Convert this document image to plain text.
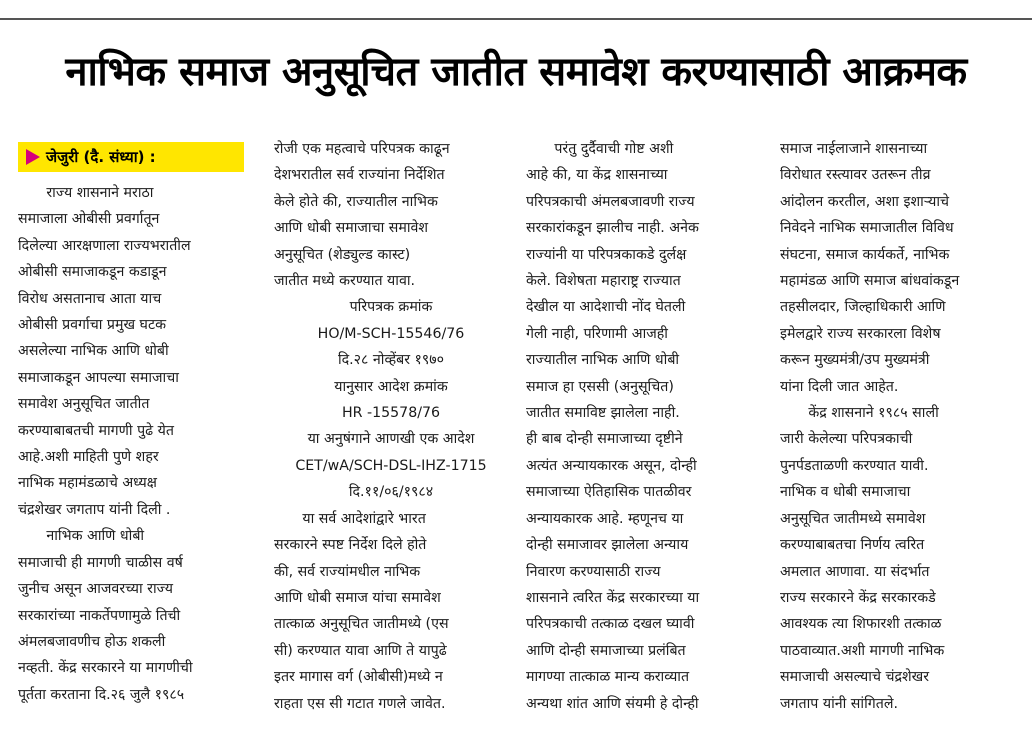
नाभिक समाज अनुसूचित जातीत समावेश करण्यासाठी आक्रमक
जेजुरी (दै. संध्या) :
  राज्य शासनाने मराठा
समाजाला ओबीसी प्रवर्गातून
दिलेल्या आरक्षणाला राज्यभरातील
ओबीसी समाजाकडून कडाडून
विरोध असतानाच आता याच
ओबीसी प्रवर्गाचा प्रमुख घटक
असलेल्या नाभिक आणि धोबी
समाजाकडून आपल्या समाजाचा
समावेश अनुसूचित जातीत
करण्याबाबतची मागणी पुढे येत
आहे.अशी माहिती पुणे शहर
नाभिक महामंडळाचे अध्यक्ष
चंद्रशेखर जगताप यांनी दिली .
  नाभिक आणि धोबी
समाजाची ही मागणी चाळीस वर्ष
जुनीच असून आजवरच्या राज्य
सरकारांच्या नाकर्तेपणामुळे तिची
अंमलबजावणीच होऊ शकली
नव्हती. केंद्र सरकारने या मागणीची
पूर्तता करताना दि.२६ जुलै १९८५
रोजी एक महत्वाचे परिपत्रक काढून
देशभरातील सर्व राज्यांना निर्देशित
केले होते की, राज्यातील नाभिक
आणि धोबी समाजाचा समावेश
अनुसूचित (शेड्युल्ड कास्ट)
जातीत मध्ये करण्यात यावा.
परिपत्रक क्रमांक
HO/M-SCH-15546/76
दि.२८ नोव्हेंबर १९७०
यानुसार आदेश क्रमांक
HR -15578/76
या अनुषंगाने आणखी एक आदेश
CET/wA/SCH-DSL-IHZ-1715
दि.११/०६/१९८४
  या सर्व आदेशांद्वारे भारत
सरकारने स्पष्ट निर्देश दिले होते
की, सर्व राज्यांमधील नाभिक
आणि धोबी समाज यांचा समावेश
तात्काळ अनुसूचित जातीमध्ये (एस
सी) करण्यात यावा आणि ते यापुढे
इतर मागास वर्ग (ओबीसी)मध्ये न
राहता एस सी गटात गणले जावेत.
  परंतु दुर्दैवाची गोष्ट अशी
आहे की, या केंद्र शासनाच्या
परिपत्रकाची अंमलबजावणी राज्य
सरकारांकडून झालीच नाही. अनेक
राज्यांनी या परिपत्रकाकडे दुर्लक्ष
केले. विशेषता महाराष्ट्र राज्यात
देखील या आदेशाची नोंद घेतली
गेली नाही, परिणामी आजही
राज्यातील नाभिक आणि धोबी
समाज हा एससी (अनुसूचित)
जातीत समाविष्ट झालेला नाही.
ही बाब दोन्ही समाजाच्या दृष्टीने
अत्यंत अन्यायकारक असून, दोन्ही
समाजाच्या ऐतिहासिक पातळीवर
अन्यायकारक आहे. म्हणूनच या
दोन्ही समाजावर झालेला अन्याय
निवारण करण्यासाठी राज्य
शासनाने त्वरित केंद्र सरकारच्या या
परिपत्रकाची तत्काळ दखल घ्यावी
आणि दोन्ही समाजाच्या प्रलंबित
मागण्या तात्काळ मान्य कराव्यात
अन्यथा शांत आणि संयमी हे दोन्ही
समाज नाईलाजाने शासनाच्या
विरोधात रस्त्यावर उतरून तीव्र
आंदोलन करतील, अशा इशाऱ्याचे
निवेदने नाभिक समाजातील विविध
संघटना, समाज कार्यकर्ते, नाभिक
महामंडळ आणि समाज बांधवांकडून
तहसीलदार, जिल्हाधिकारी आणि
इमेलद्वारे राज्य सरकारला विशेष
करून मुख्यमंत्री/उप मुख्यमंत्री
यांना दिली जात आहेत.
  केंद्र शासनाने १९८५ साली
जारी केलेल्या परिपत्रकाची
पुनर्पडताळणी करण्यात यावी.
नाभिक व धोबी समाजाचा
अनुसूचित जातीमध्ये समावेश
करण्याबाबतचा निर्णय त्वरित
अमलात आणावा. या संदर्भात
राज्य सरकारने केंद्र सरकारकडे
आवश्यक त्या शिफारशी तत्काळ
पाठवाव्यात.अशी मागणी नाभिक
समाजाची असल्याचे चंद्रशेखर
जगताप यांनी सांगितले.
